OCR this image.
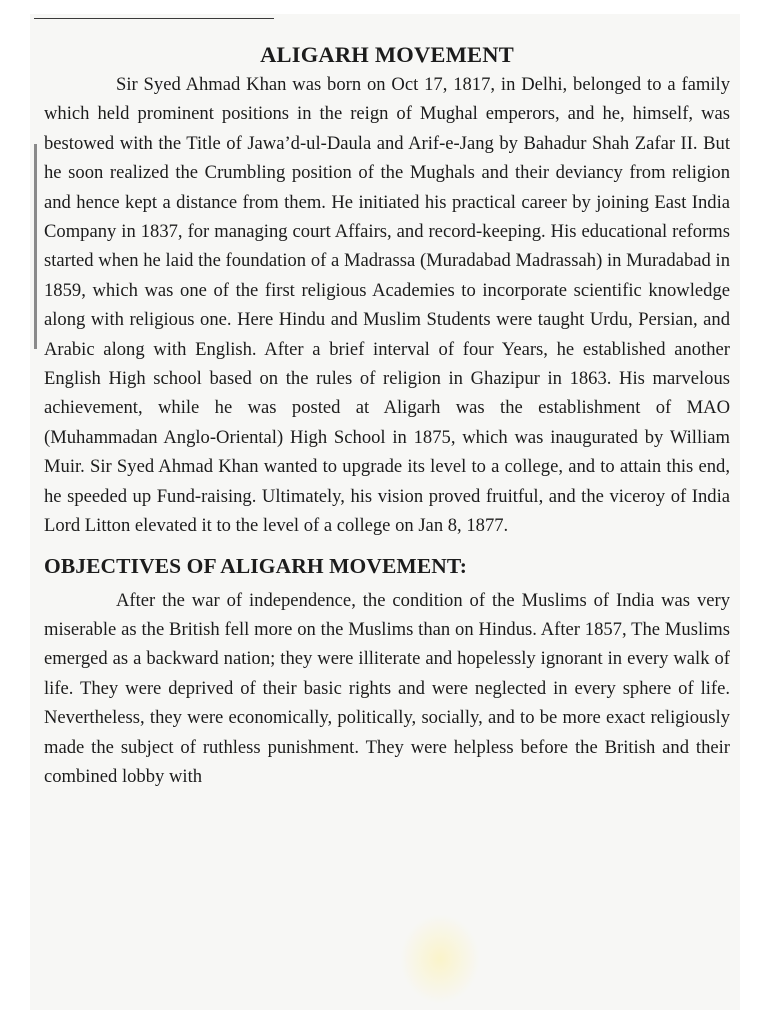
ALIGARH MOVEMENT

Sir Syed Ahmad Khan was born on Oct 17, 1817, in Delhi, belonged to a family which held prominent positions in the reign of Mughal emperors, and he, himself, was bestowed with the Title of Jawa’d-ul-Daula and Arif-e-Jang by Bahadur Shah Zafar II. But he soon realized the Crumbling position of the Mughals and their deviancy from religion and hence kept a distance from them. He initiated his practical career by joining East India Company in 1837, for managing court Affairs, and record-keeping. His educational reforms started when he laid the foundation of a Madrassa (Muradabad Madrassah) in Muradabad in 1859, which was one of the first religious Academies to incorporate scientific knowledge along with religious one. Here Hindu and Muslim Students were taught Urdu, Persian, and Arabic along with English. After a brief interval of four Years, he established another English High school based on the rules of religion in Ghazipur in 1863. His marvelous achievement, while he was posted at Aligarh was the establishment of MAO (Muhammadan Anglo-Oriental) High School in 1875, which was inaugurated by William Muir. Sir Syed Ahmad Khan wanted to upgrade its level to a college, and to attain this end, he speeded up Fund-raising. Ultimately, his vision proved fruitful, and the viceroy of India Lord Litton elevated it to the level of a college on Jan 8, 1877.

OBJECTIVES OF ALIGARH MOVEMENT:

After the war of independence, the condition of the Muslims of India was very miserable as the British fell more on the Muslims than on Hindus. After 1857, The Muslims emerged as a backward nation; they were illiterate and hopelessly ignorant in every walk of life. They were deprived of their basic rights and were neglected in every sphere of life. Nevertheless, they were economically, politically, socially, and to be more exact religiously made the subject of ruthless punishment. They were helpless before the British and their combined lobby with
